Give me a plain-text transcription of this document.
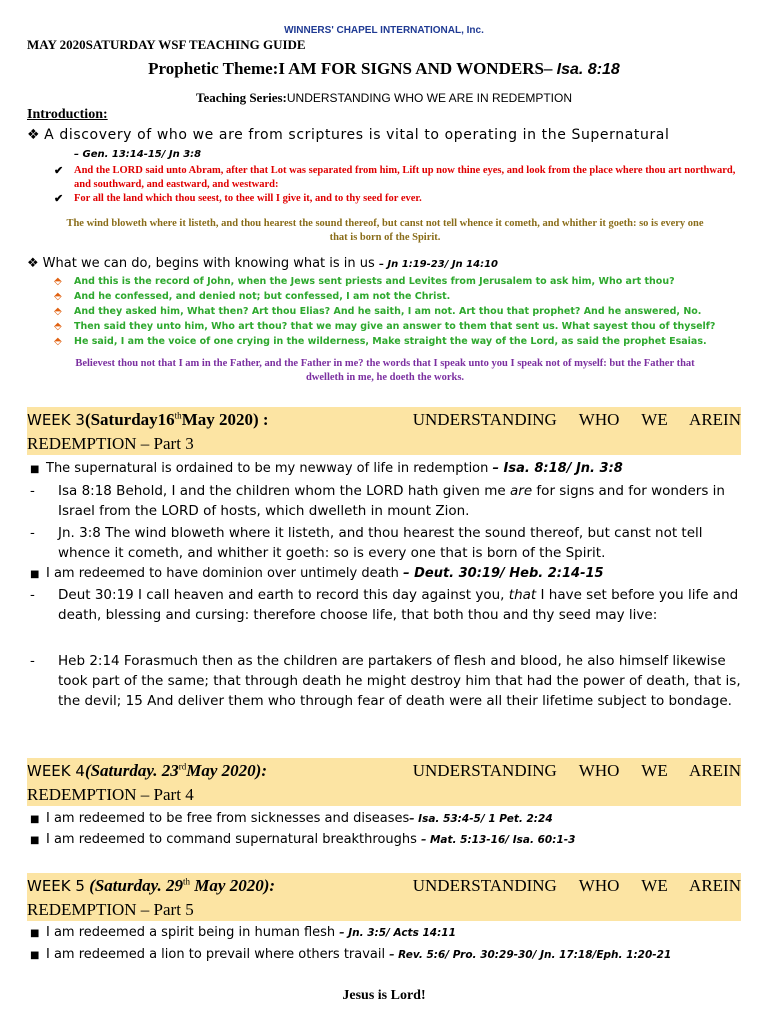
WINNERS' CHAPEL INTERNATIONAL, Inc.
MAY 2020SATURDAY WSF TEACHING GUIDE
Prophetic Theme:I AM FOR SIGNS AND WONDERS– Isa. 8:18
Teaching Series:UNDERSTANDING WHO WE ARE IN REDEMPTION
Introduction:
❖ A discovery of who we are from scriptures is vital to operating in the Supernatural
– Gen. 13:14-15/ Jn 3:8
✔	And the LORD said unto Abram, after that Lot was separated from him, Lift up now thine eyes, and look from the place where thou art northward, and southward, and eastward, and westward:
✔	For all the land which thou seest, to thee will I give it, and to thy seed for ever.
The wind bloweth where it listeth, and thou hearest the sound thereof, but canst not tell whence it cometh, and whither it goeth: so is every one that is born of the Spirit.
❖ What we can do, begins with knowing what is in us – Jn 1:19-23/ Jn 14:10
⬘	And this is the record of John, when the Jews sent priests and Levites from Jerusalem to ask him, Who art thou?
⬘	And he confessed, and denied not; but confessed, I am not the Christ.
⬘	And they asked him, What then? Art thou Elias? And he saith, I am not. Art thou that prophet? And he answered, No.
⬘	Then said they unto him, Who art thou? that we may give an answer to them that sent us. What sayest thou of thyself?
⬘	He said, I am the voice of one crying in the wilderness, Make straight the way of the Lord, as said the prophet Esaias.
Believest thou not that I am in the Father, and the Father in me? the words that I speak unto you I speak not of myself: but the Father that dwelleth in me, he doeth the works.
WEEK 3(Saturday16thMay 2020) :	UNDERSTANDING WHO WE AREIN
REDEMPTION – Part 3
■ The supernatural is ordained to be my newway of life in redemption – Isa. 8:18/ Jn. 3:8
-	Isa 8:18 Behold, I and the children whom the LORD hath given me are for signs and for wonders in Israel from the LORD of hosts, which dwelleth in mount Zion.
-	Jn. 3:8 The wind bloweth where it listeth, and thou hearest the sound thereof, but canst not tell whence it cometh, and whither it goeth: so is every one that is born of the Spirit.
■ I am redeemed to have dominion over untimely death – Deut. 30:19/ Heb. 2:14-15
-	Deut 30:19 I call heaven and earth to record this day against you, that I have set before you life and death, blessing and cursing: therefore choose life, that both thou and thy seed may live:
-	Heb 2:14 Forasmuch then as the children are partakers of flesh and blood, he also himself likewise took part of the same; that through death he might destroy him that had the power of death, that is, the devil; 15 And deliver them who through fear of death were all their lifetime subject to bondage.
WEEK 4(Saturday. 23rdMay 2020):	UNDERSTANDING WHO WE AREIN
REDEMPTION – Part 4
■ I am redeemed to be free from sicknesses and diseases– Isa. 53:4-5/ 1 Pet. 2:24
■ I am redeemed to command supernatural breakthroughs – Mat. 5:13-16/ Isa. 60:1-3
WEEK 5 (Saturday. 29th May 2020):	UNDERSTANDING WHO WE AREIN
REDEMPTION – Part 5
■ I am redeemed a spirit being in human flesh – Jn. 3:5/ Acts 14:11
■ I am redeemed a lion to prevail where others travail – Rev. 5:6/ Pro. 30:29-30/ Jn. 17:18/Eph. 1:20-21
Jesus is Lord!
